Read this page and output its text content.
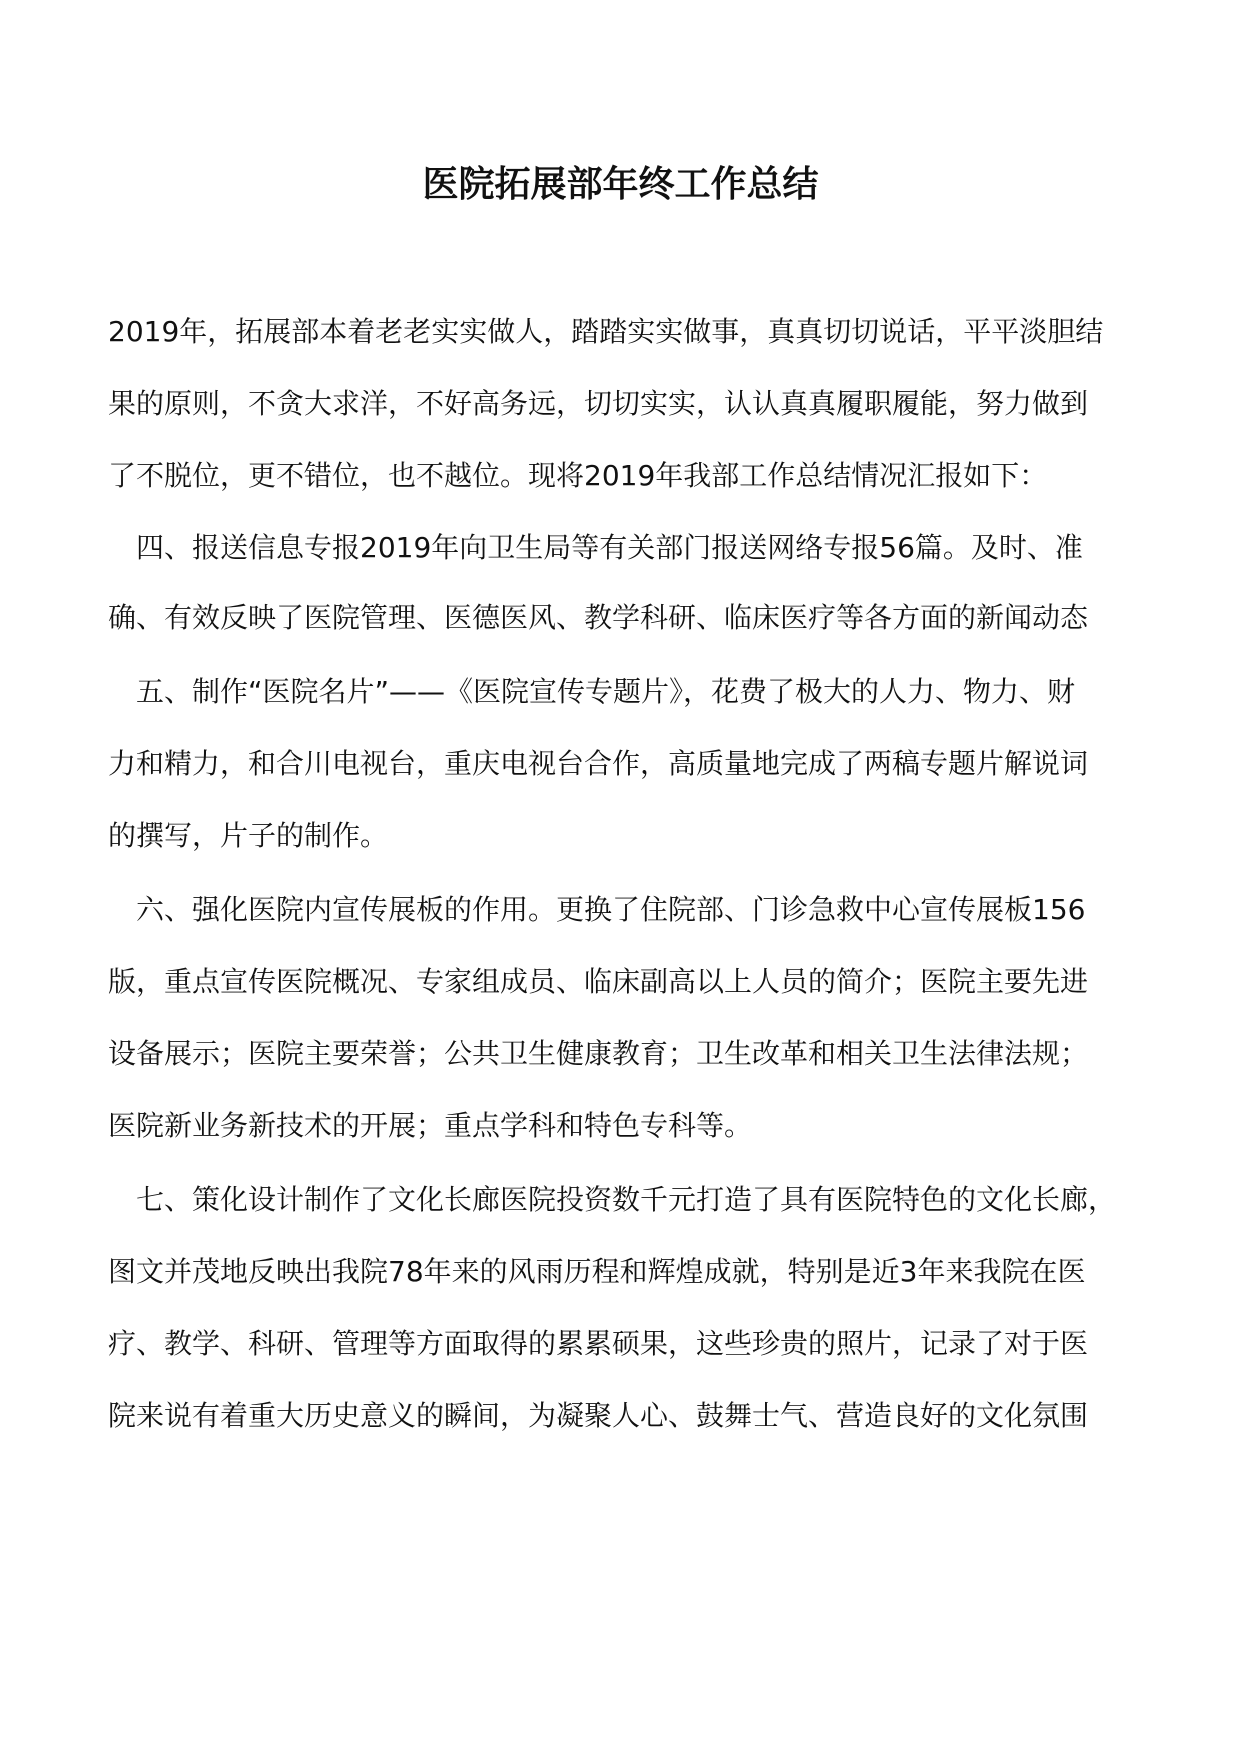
医院拓展部年终工作总结
2019年，拓展部本着老老实实做人，踏踏实实做事，真真切切说话，平平淡胆结
果的原则，不贪大求洋，不好高务远，切切实实，认认真真履职履能，努力做到
了不脱位，更不错位，也不越位。现将2019年我部工作总结情况汇报如下：
四、报送信息专报2019年向卫生局等有关部门报送网络专报56篇。及时、准
确、有效反映了医院管理、医德医风、教学科研、临床医疗等各方面的新闻动态
五、制作“医院名片”——《医院宣传专题片》，花费了极大的人力、物力、财
力和精力，和合川电视台，重庆电视台合作，高质量地完成了两稿专题片解说词
的撰写，片子的制作。
六、强化医院内宣传展板的作用。更换了住院部、门诊急救中心宣传展板156
版，重点宣传医院概况、专家组成员、临床副高以上人员的简介；医院主要先进
设备展示；医院主要荣誉；公共卫生健康教育；卫生改革和相关卫生法律法规；
医院新业务新技术的开展；重点学科和特色专科等。
七、策化设计制作了文化长廊医院投资数千元打造了具有医院特色的文化长廊，
图文并茂地反映出我院78年来的风雨历程和辉煌成就，特别是近3年来我院在医
疗、教学、科研、管理等方面取得的累累硕果，这些珍贵的照片，记录了对于医
院来说有着重大历史意义的瞬间，为凝聚人心、鼓舞士气、营造良好的文化氛围
